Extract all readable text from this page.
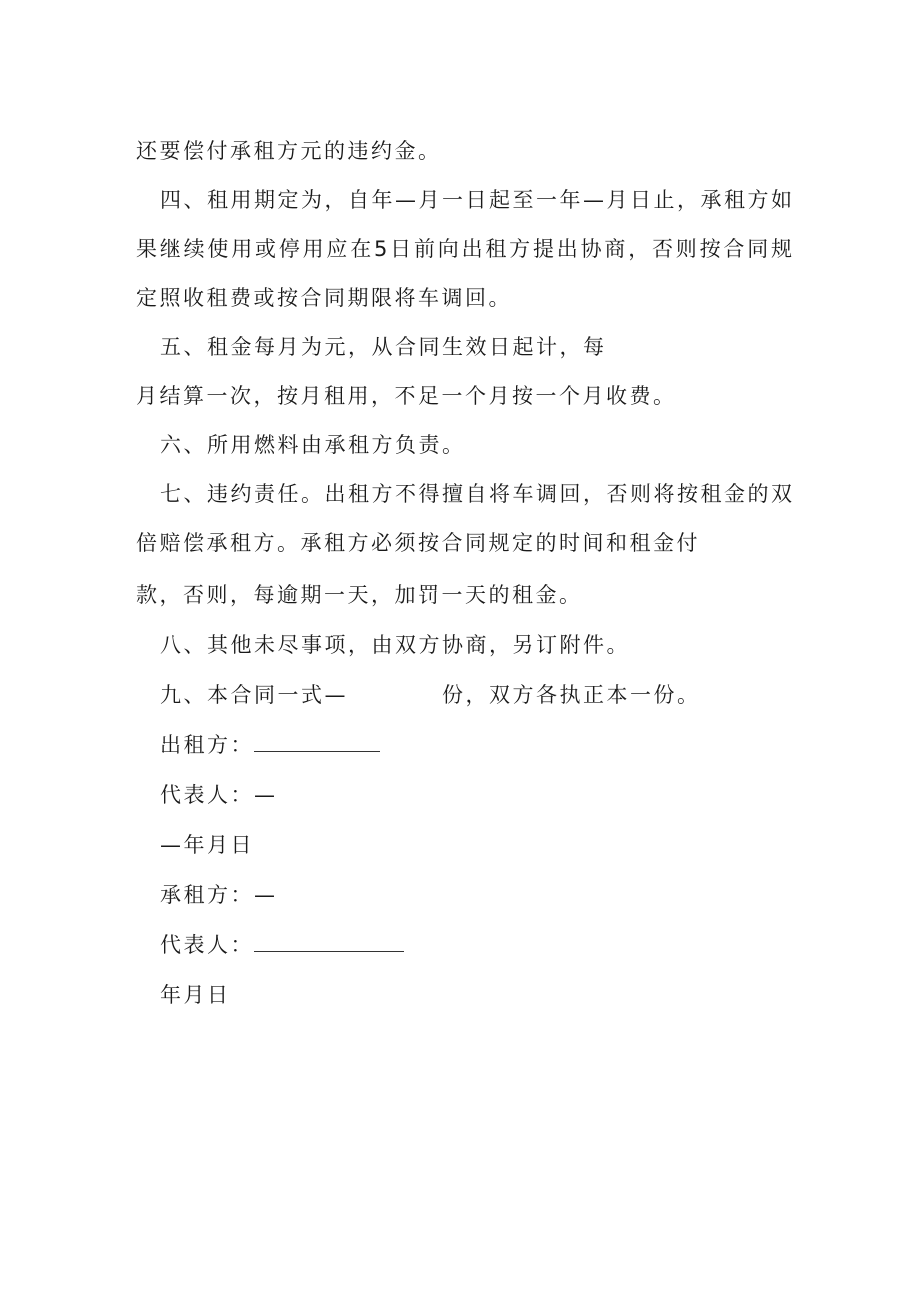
还要偿付承租方元的违约金。
四、租用期定为，自年—月一日起至一年—月日止，承租方如
果继续使用或停用应在5日前向出租方提出协商，否则按合同规
定照收租费或按合同期限将车调回。
五、租金每月为元，从合同生效日起计，每
月结算一次，按月租用，不足一个月按一个月收费。
六、所用燃料由承租方负责。
七、违约责任。出租方不得擅自将车调回，否则将按租金的双
倍赔偿承租方。承租方必须按合同规定的时间和租金付
款，否则，每逾期一天，加罚一天的租金。
八、其他未尽事项，由双方协商，另订附件。
九、本合同一式—	份，双方各执正本一份。
出租方：
代表人：—
—年月日
承租方：—
代表人：
年月日
